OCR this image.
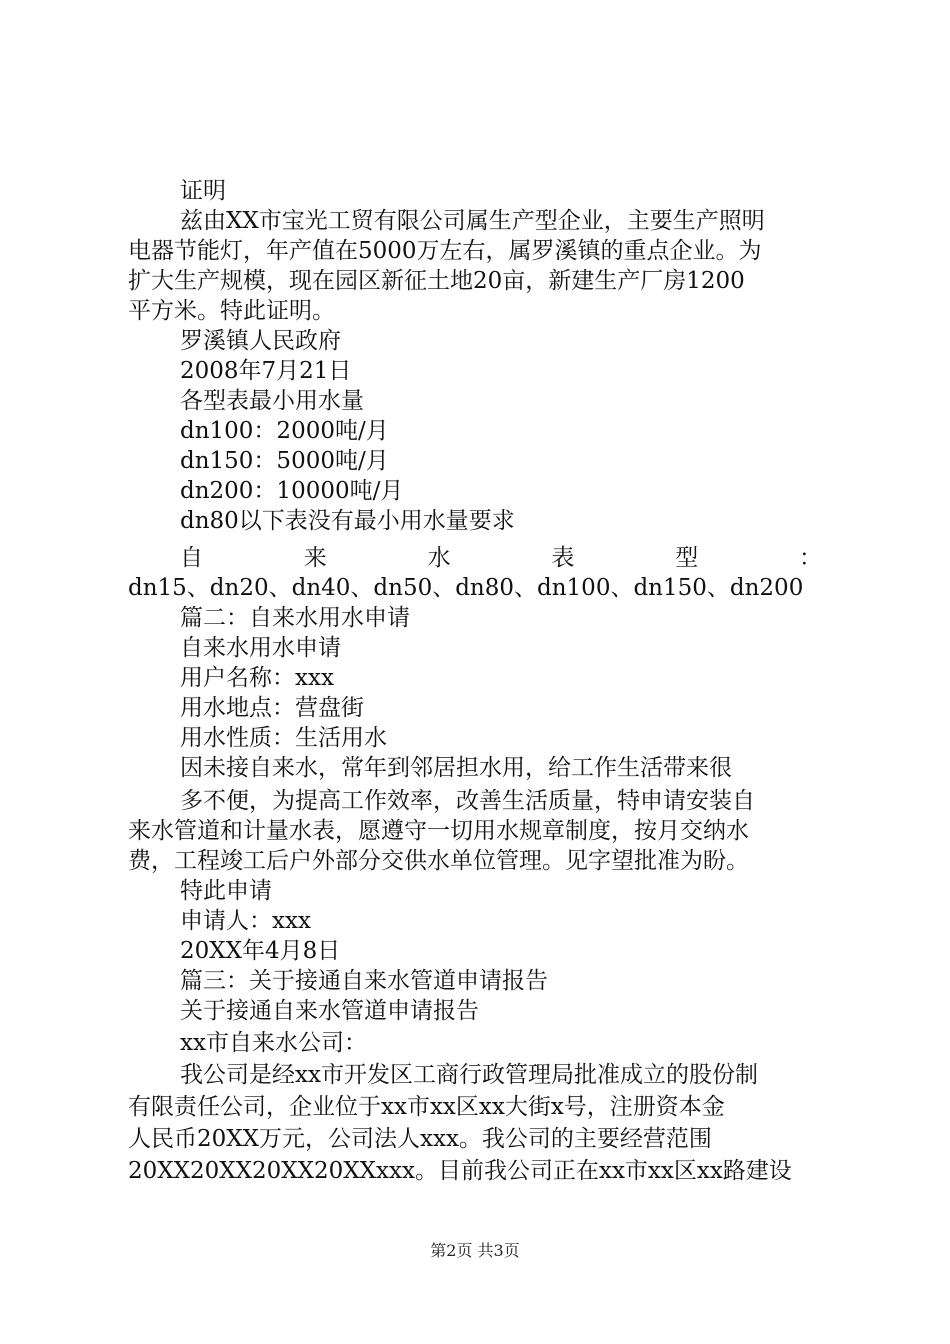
证明
兹由XX市宝光工贸有限公司属生产型企业，主要生产照明
电器节能灯，年产值在5000万左右，属罗溪镇的重点企业。为
扩大生产规模，现在园区新征土地20亩，新建生产厂房1200
平方米。特此证明。
罗溪镇人民政府
2008年7月21日
各型表最小用水量
dn100：2000吨/月
dn150：5000吨/月
dn200：10000吨/月
dn80以下表没有最小用水量要求
自	来	水	表	型	：
dn15、dn20、dn40、dn50、dn80、dn100、dn150、dn200
篇二：自来水用水申请
自来水用水申请
用户名称：xxx
用水地点：营盘街
用水性质：生活用水
因未接自来水，常年到邻居担水用，给工作生活带来很
多不便，为提高工作效率，改善生活质量，特申请安装自
来水管道和计量水表，愿遵守一切用水规章制度，按月交纳水
费，工程竣工后户外部分交供水单位管理。见字望批准为盼。
特此申请
申请人：xxx
20XX年4月8日
篇三：关于接通自来水管道申请报告
关于接通自来水管道申请报告
xx市自来水公司：
我公司是经xx市开发区工商行政管理局批准成立的股份制
有限责任公司，企业位于xx市xx区xx大街x号，注册资本金
人民币20XX万元，公司法人xxx。我公司的主要经营范围
20XX20XX20XX20XXxxx。目前我公司正在xx市xx区xx路建设
第2页 共3页
